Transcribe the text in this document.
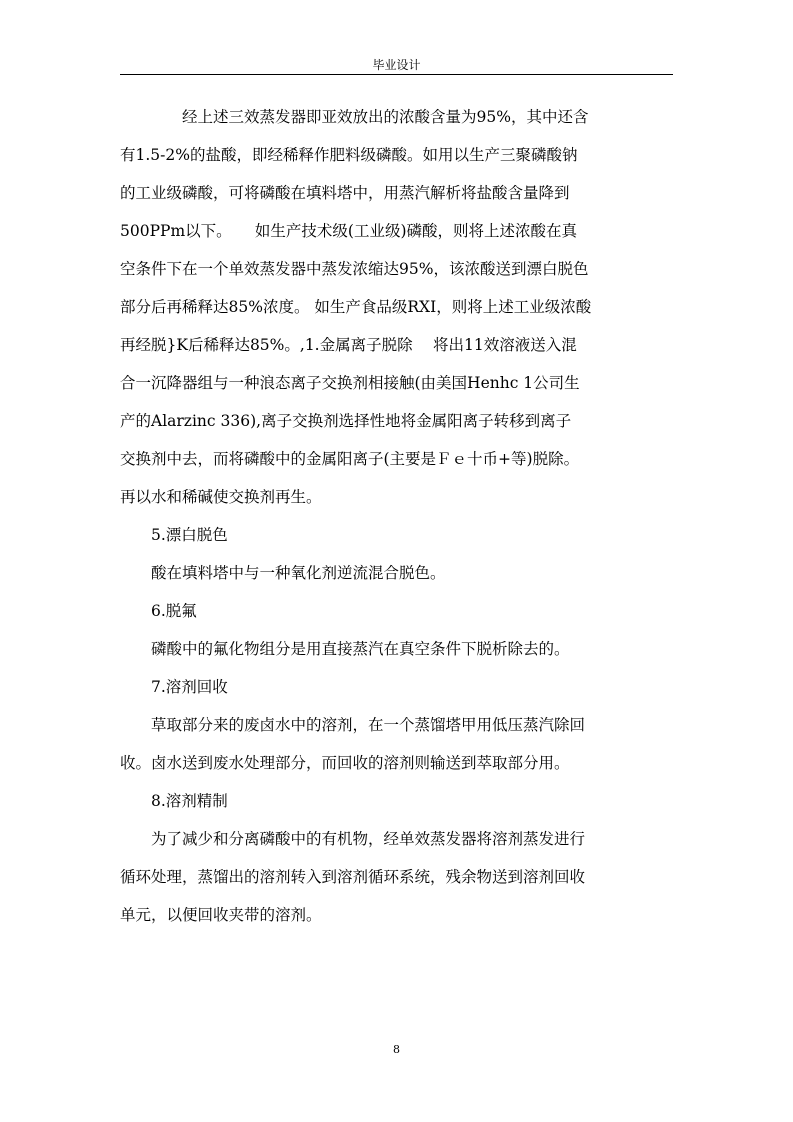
毕业设计
经上述三效蒸发器即亚效放出的浓酸含量为95%，其中还含
有1.5-2%的盐酸，即经稀释作肥料级磷酸。如用以生产三聚磷酸钠
的工业级磷酸，可将磷酸在填料塔中，用蒸汽解析将盐酸含量降到
500PPm以下。　　如生产技术级(工业级)磷酸，则将上述浓酸在真
空条件下在一个单效蒸发器中蒸发浓缩达95%，该浓酸送到漂白脱色
部分后再稀释达85%浓度。 如生产食品级RXI，则将上述工业级浓酸
再经脱}K后稀释达85%。,1.金属离子脱除　 将出11效溶液送入混
合一沉降器组与一种浪态离子交换剂相接触(由美国Henhc 1公司生
产的Alarzinc 336),离子交换剂选择性地将金属阳离子转移到离子
交换剂中去，而将磷酸中的金属阳离子(主要是Ｆｅ十币+等)脱除。
再以水和稀碱使交换剂再生。
5.漂白脱色
酸在填料塔中与一种氧化剂逆流混合脱色。
6.脱氟
磷酸中的氟化物组分是用直接蒸汽在真空条件下脱析除去的。
7.溶剂回收
草取部分来的废卤水中的溶剂，在一个蒸馏塔甲用低压蒸汽除回
收。卤水送到废水处理部分，而回收的溶剂则输送到萃取部分用。
8.溶剂精制
为了减少和分离磷酸中的有机物，经单效蒸发器将溶剂蒸发进行
循环处理，蒸馏出的溶剂转入到溶剂循环系统，残余物送到溶剂回收
单元，以便回收夹带的溶剂。
8
